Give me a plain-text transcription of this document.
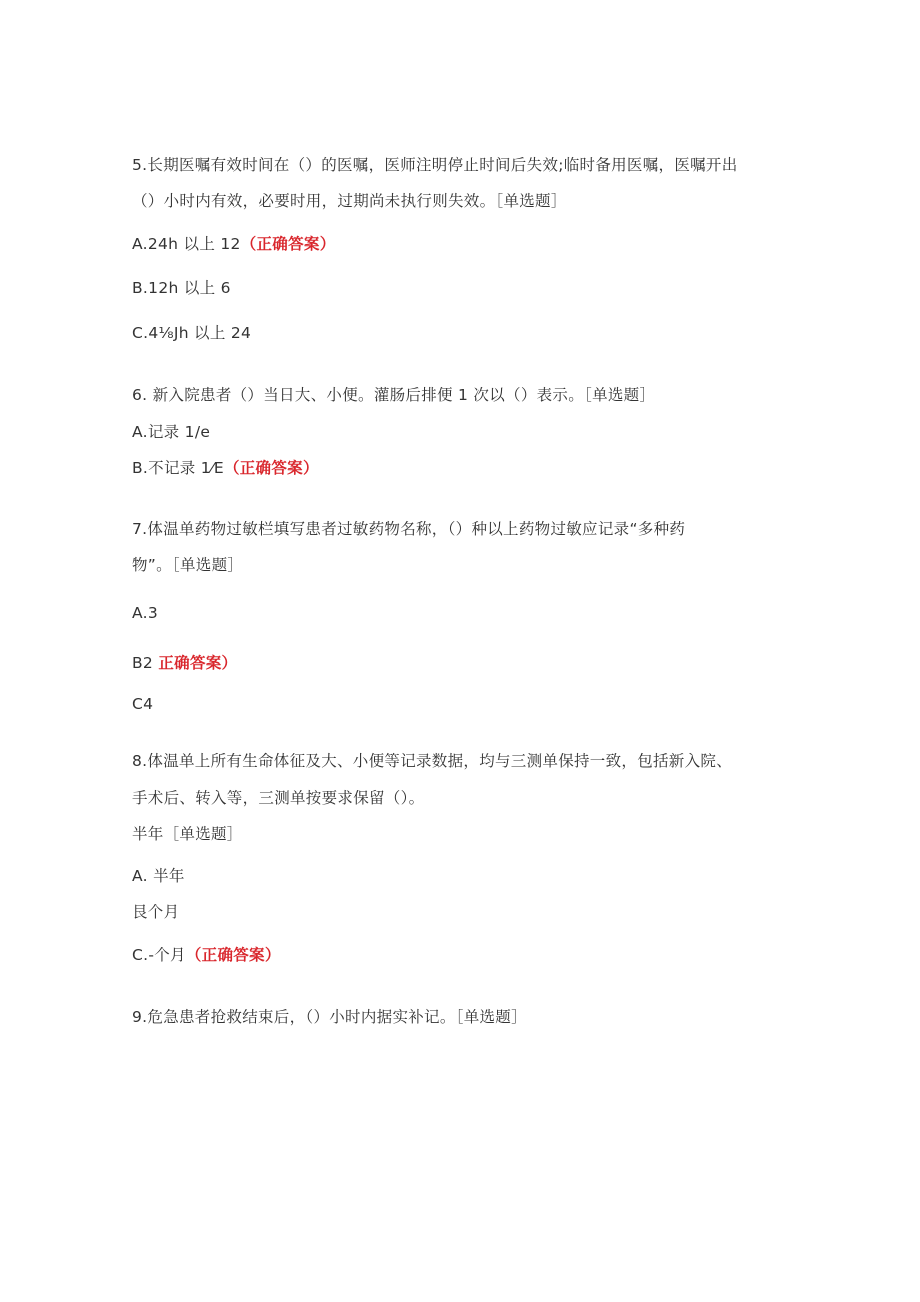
5.长期医嘱有效时间在（）的医嘱，医师注明停止时间后失效;临时备用医嘱，医嘱开出
（）小时内有效，必要时用，过期尚未执行则失效。［单选题］
A.24h 以上 12（正确答案）
B.12h 以上 6
C.4⅛Jh 以上 24
6. 新入院患者（）当日大、小便。灌肠后排便 1 次以（）表示。［单选题］
A.记录 1/e
B.不记录 1⁄E（正确答案）
7.体温单药物过敏栏填写患者过敏药物名称，（）种以上药物过敏应记录“多种药
物”。［单选题］
A.3
B2 正确答案）
C4
8.体温单上所有生命体征及大、小便等记录数据，均与三测单保持一致，包括新入院、
手术后、转入等，三测单按要求保留（）。
半年［单选题］
A. 半年
艮个月
C.-个月（正确答案）
9.危急患者抢救结束后，（）小时内据实补记。［单选题］
